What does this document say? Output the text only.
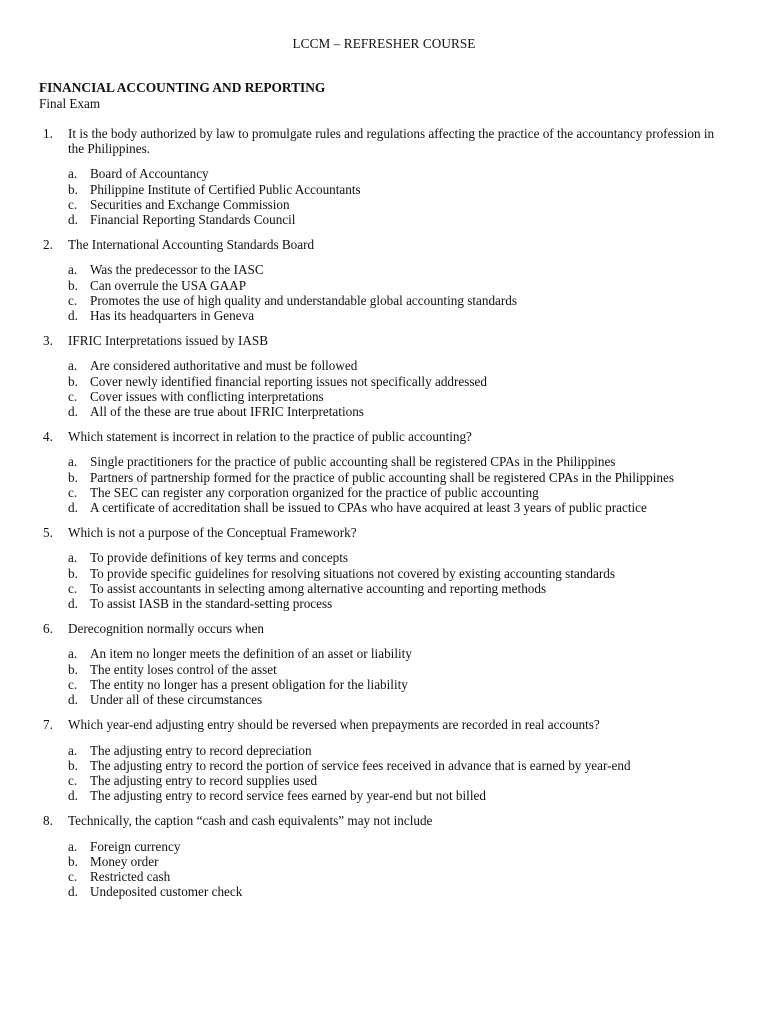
LCCM – REFRESHER COURSE
FINANCIAL ACCOUNTING AND REPORTING
Final Exam
1. It is the body authorized by law to promulgate rules and regulations affecting the practice of the accountancy profession in the Philippines.
a. Board of Accountancy
b. Philippine Institute of Certified Public Accountants
c. Securities and Exchange Commission
d. Financial Reporting Standards Council
2. The International Accounting Standards Board
a. Was the predecessor to the IASC
b. Can overrule the USA GAAP
c. Promotes the use of high quality and understandable global accounting standards
d. Has its headquarters in Geneva
3. IFRIC Interpretations issued by IASB
a. Are considered authoritative and must be followed
b. Cover newly identified financial reporting issues not specifically addressed
c. Cover issues with conflicting interpretations
d. All of the these are true about IFRIC Interpretations
4. Which statement is incorrect in relation to the practice of public accounting?
a. Single practitioners for the practice of public accounting shall be registered CPAs in the Philippines
b. Partners of partnership formed for the practice of public accounting shall be registered CPAs in the Philippines
c. The SEC can register any corporation organized for the practice of public accounting
d. A certificate of accreditation shall be issued to CPAs who have acquired at least 3 years of public practice
5. Which is not a purpose of the Conceptual Framework?
a. To provide definitions of key terms and concepts
b. To provide specific guidelines for resolving situations not covered by existing accounting standards
c. To assist accountants in selecting among alternative accounting and reporting methods
d. To assist IASB in the standard-setting process
6. Derecognition normally occurs when
a. An item no longer meets the definition of an asset or liability
b. The entity loses control of the asset
c. The entity no longer has a present obligation for the liability
d. Under all of these circumstances
7. Which year-end adjusting entry should be reversed when prepayments are recorded in real accounts?
a. The adjusting entry to record depreciation
b. The adjusting entry to record the portion of service fees received in advance that is earned by year-end
c. The adjusting entry to record supplies used
d. The adjusting entry to record service fees earned by year-end but not billed
8. Technically, the caption “cash and cash equivalents” may not include
a. Foreign currency
b. Money order
c. Restricted cash
d. Undeposited customer check
